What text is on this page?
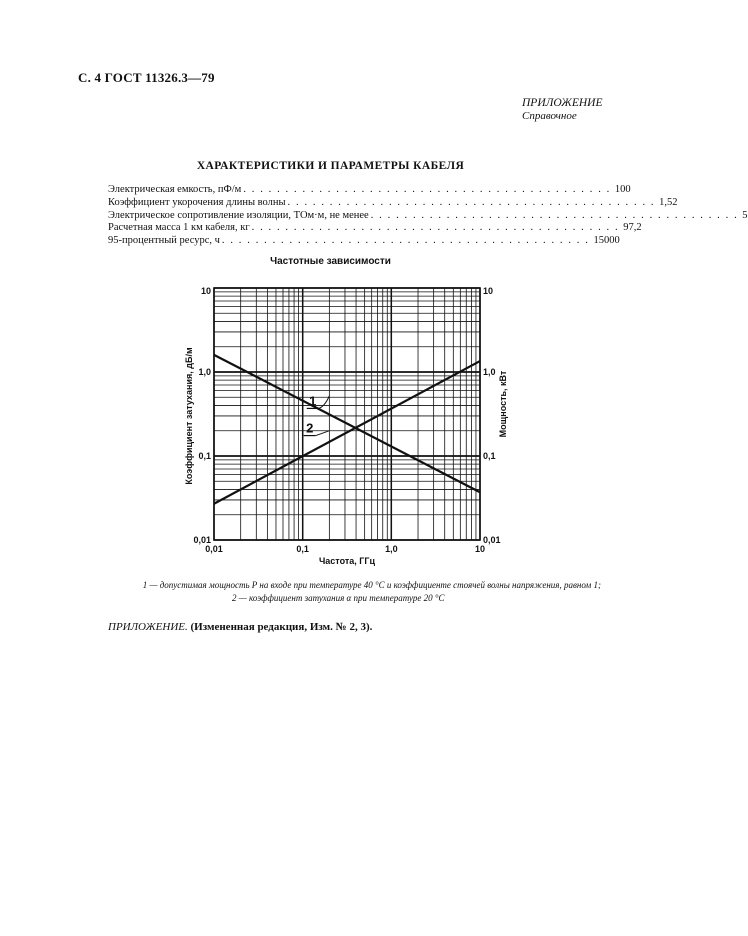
С. 4 ГОСТ 11326.3—79
ПРИЛОЖЕНИЕ
Справочное
ХАРАКТЕРИСТИКИ И ПАРАМЕТРЫ КАБЕЛЯ
Электрическая емкость, пФ/м . . . . . . . . . . . . . . . . . . . . . . . . . . . . . . . . . . . . . . . . . . . . 100
Коэффициент укорочения длины волны . . . . . . . . . . . . . . . . . . . . . . . . . . . . . . . . . . . . . . . . . . . . 1,52
Электрическое сопротивление изоляции, ТОм·м, не менее . . . . . . . . . . . . . . . . . . . . . . . . . . . . . . . . . . . . . . . . . . . . 5
Расчетная масса 1 км кабеля, кг . . . . . . . . . . . . . . . . . . . . . . . . . . . . . . . . . . . . . . . . . . . . 97,2
95-процентный ресурс, ч . . . . . . . . . . . . . . . . . . . . . . . . . . . . . . . . . . . . . . . . . . . . 15000
Частотные зависимости
1
2
0,01	0,1	1,0	10
0,01	0,01
0,1	0,1
1,0	1,0
10	10
Частота, ГГц
Коэффициент затухания, дБ/м	Мощность, кВт
1 — допустимая мощность P на входе при температуре 40 °С и коэффициенте стоячей волны напряжения, равном 1;
2 — коэффициент затухания α при температуре 20 °С
ПРИЛОЖЕНИЕ. (Измененная редакция, Изм. № 2, 3).
